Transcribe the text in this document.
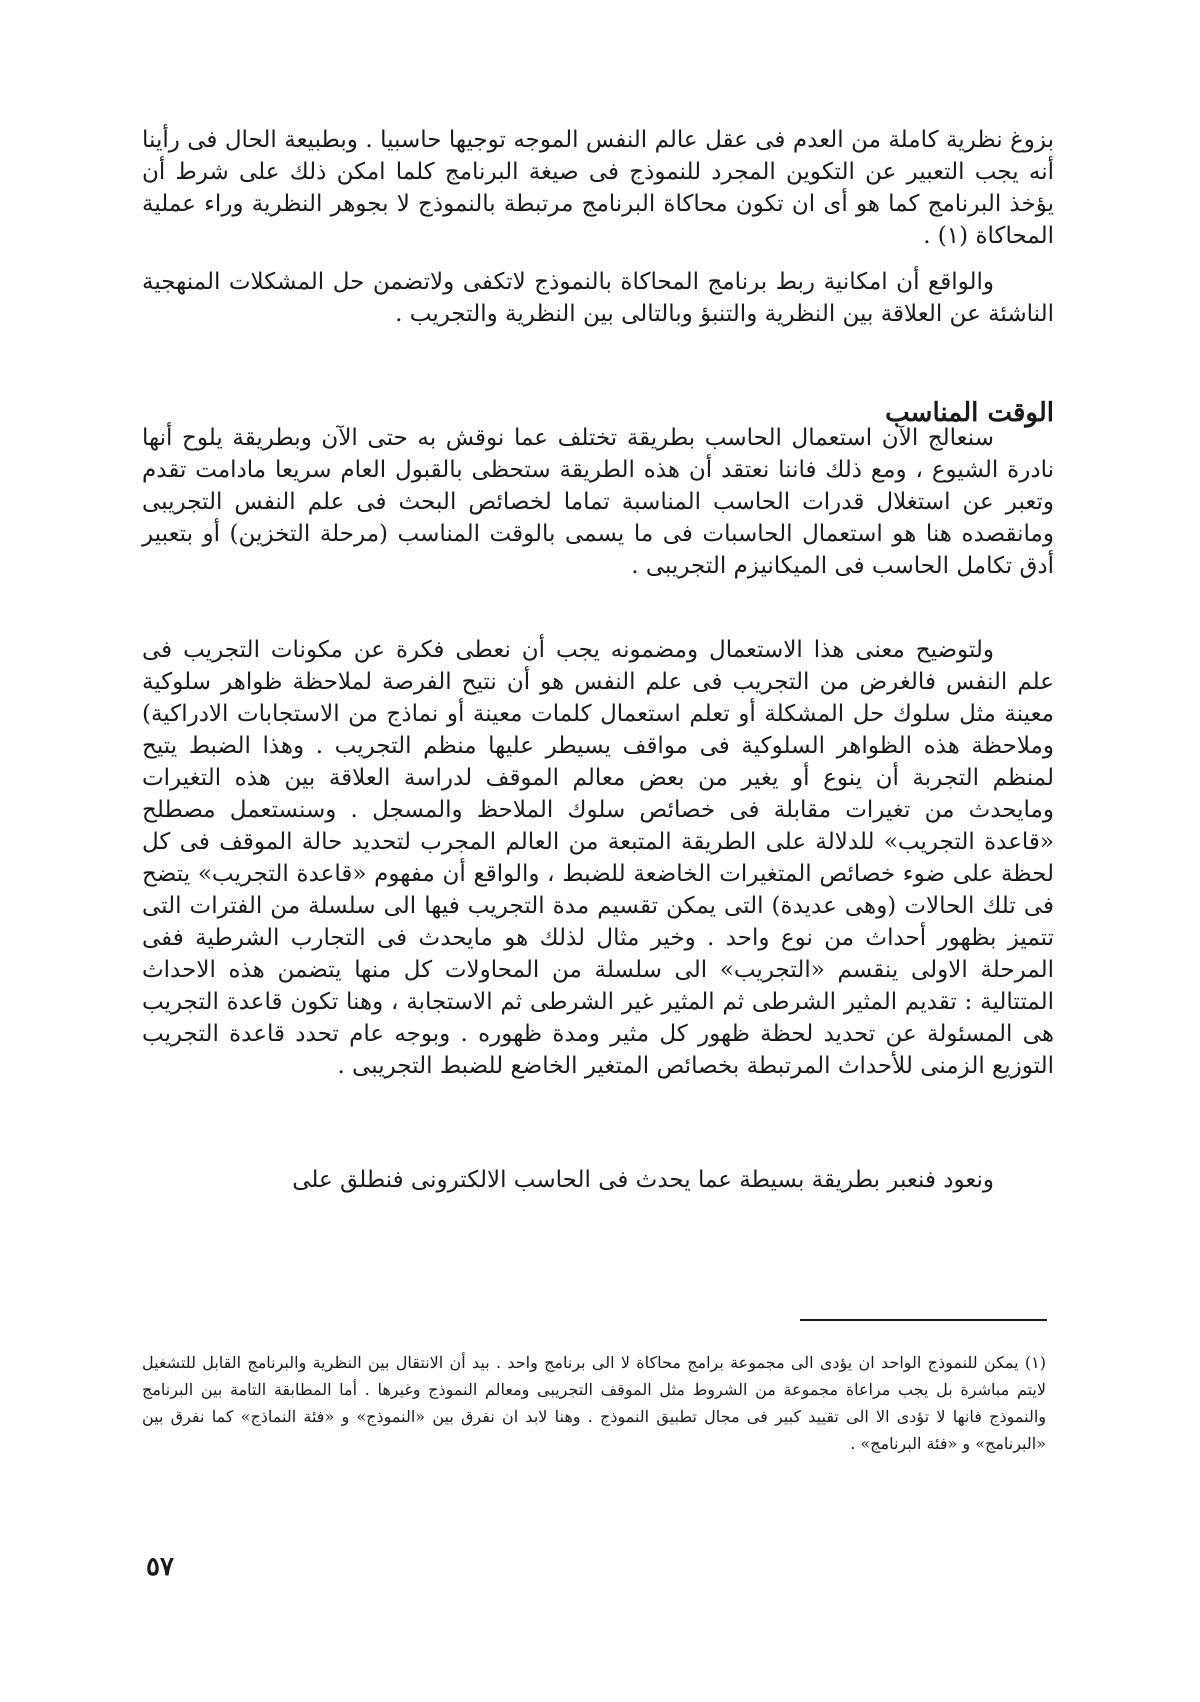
بزوغ نظرية كاملة من العدم فى عقل عالم النفس الموجه توجيها حاسبيا . وبطبيعة الحال فى رأينا أنه يجب التعبير عن التكوين المجرد للنموذج فى صيغة البرنامج كلما امكن ذلك على شرط أن يؤخذ البرنامج كما هو أى ان تكون محاكاة البرنامج مرتبطة بالنموذج لا بجوهر النظرية وراء عملية المحاكاة (١) .

والواقع أن امكانية ربط برنامج المحاكاة بالنموذج لاتكفى ولاتضمن حل المشكلات المنهجية الناشئة عن العلاقة بين النظرية والتنبؤ وبالتالى بين النظرية والتجريب .

الوقت المناسب

سنعالج الآن استعمال الحاسب بطريقة تختلف عما نوقش به حتى الآن وبطريقة يلوح أنها نادرة الشيوع ، ومع ذلك فاننا نعتقد أن هذه الطريقة ستحظى بالقبول العام سريعا مادامت تقدم وتعبر عن استغلال قدرات الحاسب المناسبة تماما لخصائص البحث فى علم النفس التجريبى ومانقصده هنا هو استعمال الحاسبات فى ما يسمى بالوقت المناسب (مرحلة التخزين) أو بتعبير أدق تكامل الحاسب فى الميكانيزم التجريبى .

ولتوضيح معنى هذا الاستعمال ومضمونه يجب أن نعطى فكرة عن مكونات التجريب فى علم النفس فالغرض من التجريب فى علم النفس هو أن نتيح الفرصة لملاحظة ظواهر سلوكية معينة مثل سلوك حل المشكلة أو تعلم استعمال كلمات معينة أو نماذج من الاستجابات الادراكية) وملاحظة هذه الظواهر السلوكية فى مواقف يسيطر عليها منظم التجريب . وهذا الضبط يتيح لمنظم التجربة أن ينوع أو يغير من بعض معالم الموقف لدراسة العلاقة بين هذه التغيرات ومايحدث من تغيرات مقابلة فى خصائص سلوك الملاحظ والمسجل . وسنستعمل مصطلح «قاعدة التجريب» للدلالة على الطريقة المتبعة من العالم المجرب لتحديد حالة الموقف فى كل لحظة على ضوء خصائص المتغيرات الخاضعة للضبط ، والواقع أن مفهوم «قاعدة التجريب» يتضح فى تلك الحالات (وهى عديدة) التى يمكن تقسيم مدة التجريب فيها الى سلسلة من الفترات التى تتميز بظهور أحداث من نوع واحد . وخير مثال لذلك هو مايحدث فى التجارب الشرطية ففى المرحلة الاولى ينقسم «التجريب» الى سلسلة من المحاولات كل منها يتضمن هذه الاحداث المتتالية : تقديم المثير الشرطى ثم المثير غير الشرطى ثم الاستجابة ، وهنا تكون قاعدة التجريب هى المسئولة عن تحديد لحظة ظهور كل مثير ومدة ظهوره . وبوجه عام تحدد قاعدة التجريب التوزيع الزمنى للأحداث المرتبطة بخصائص المتغير الخاضع للضبط التجريبى .

ونعود فنعبر بطريقة بسيطة عما يحدث فى الحاسب الالكترونى فنطلق على

(١) يمكن للنموذج الواحد ان يؤدى الى مجموعة برامج محاكاة لا الى برنامج واحد . بيد أن الانتقال بين النظرية والبرنامج القابل للتشغيل لايتم مباشرة بل يجب مراعاة مجموعة من الشروط مثل الموقف التجريبى ومعالم النموذج وغيرها . أما المطابقة التامة بين البرنامج والنموذج فانها لا تؤدى الا الى تقييد كبير فى مجال تطبيق النموذج . وهنا لابد ان نفرق بين «النموذج» و «فئة النماذج» كما نفرق بين «البرنامج» و «فئة البرنامج» .

٥٧
